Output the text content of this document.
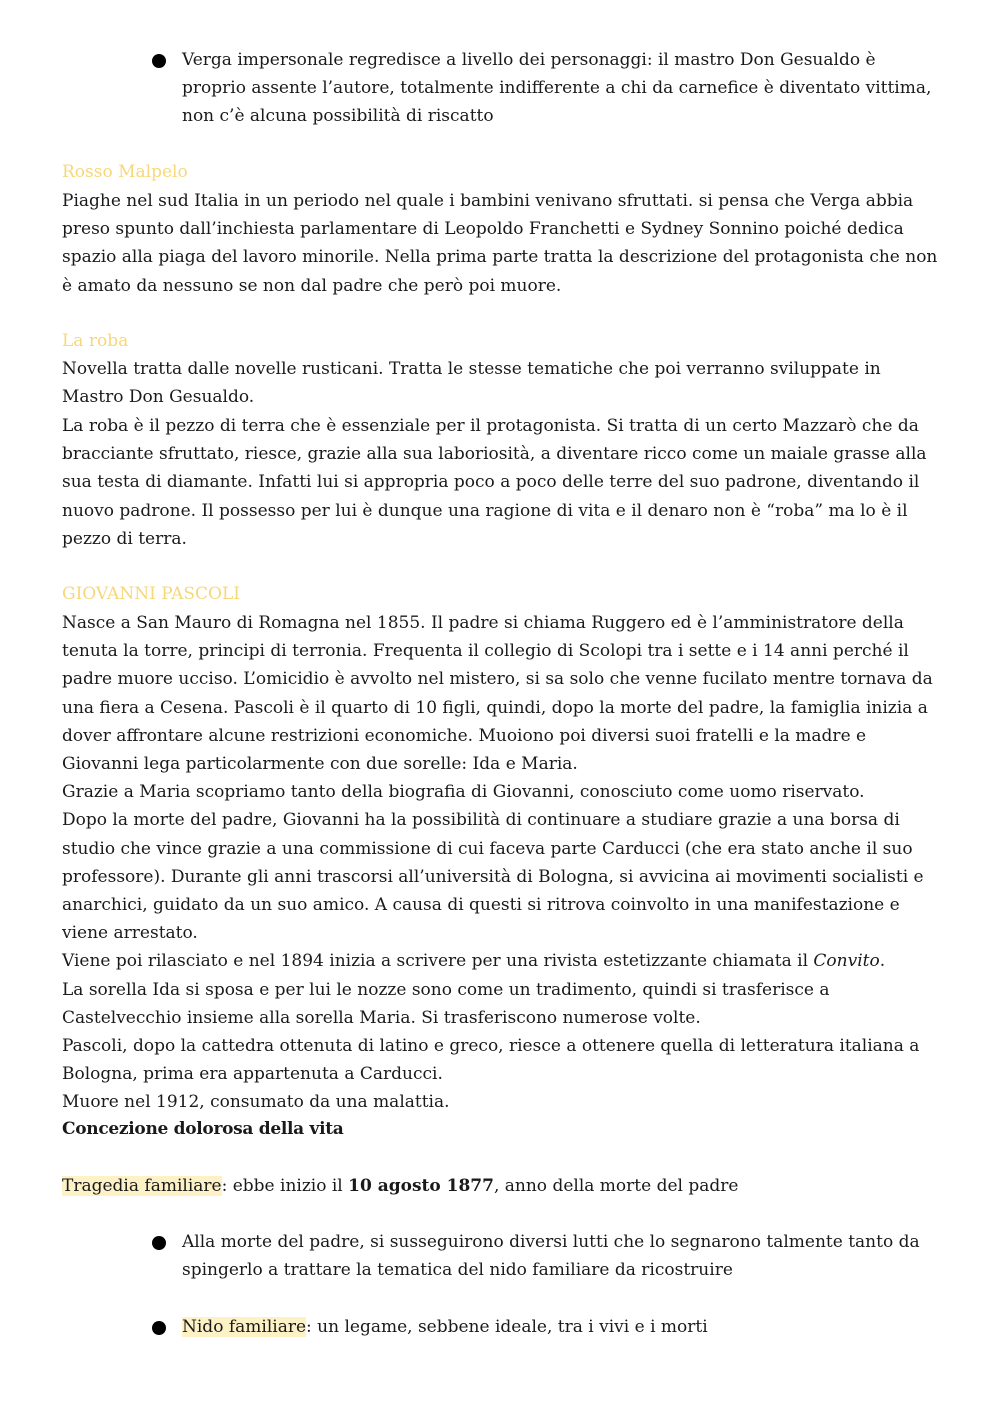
Verga impersonale regredisce a livello dei personaggi: il mastro Don Gesualdo è proprio assente l’autore, totalmente indifferente a chi da carnefice è diventato vittima, non c’è alcuna possibilità di riscatto

Rosso Malpelo

Piaghe nel sud Italia in un periodo nel quale i bambini venivano sfruttati. si pensa che Verga abbia preso spunto dall’inchiesta parlamentare di Leopoldo Franchetti e Sydney Sonnino poiché dedica spazio alla piaga del lavoro minorile. Nella prima parte tratta la descrizione del protagonista che non è amato da nessuno se non dal padre che però poi muore.

La roba

Novella tratta dalle novelle rusticani. Tratta le stesse tematiche che poi verranno sviluppate in Mastro Don Gesualdo.

La roba è il pezzo di terra che è essenziale per il protagonista. Si tratta di un certo Mazzarò che da bracciante sfruttato, riesce, grazie alla sua laboriosità, a diventare ricco come un maiale grasse alla sua testa di diamante. Infatti lui si appropria poco a poco delle terre del suo padrone, diventando il nuovo padrone. Il possesso per lui è dunque una ragione di vita e il denaro non è “roba” ma lo è il pezzo di terra.

GIOVANNI PASCOLI

Nasce a San Mauro di Romagna nel 1855. Il padre si chiama Ruggero ed è l’amministratore della tenuta la torre, principi di terronia. Frequenta il collegio di Scolopi tra i sette e i 14 anni perché il padre muore ucciso. L’omicidio è avvolto nel mistero, si sa solo che venne fucilato mentre tornava da una fiera a Cesena. Pascoli è il quarto di 10 figli, quindi, dopo la morte del padre, la famiglia inizia a dover affrontare alcune restrizioni economiche. Muoiono poi diversi suoi fratelli e la madre e Giovanni lega particolarmente con due sorelle: Ida e Maria.
Grazie a Maria scopriamo tanto della biografia di Giovanni, conosciuto come uomo riservato.
Dopo la morte del padre, Giovanni ha la possibilità di continuare a studiare grazie a una borsa di studio che vince grazie a una commissione di cui faceva parte Carducci (che era stato anche il suo professore). Durante gli anni trascorsi all’università di Bologna, si avvicina ai movimenti socialisti e anarchici, guidato da un suo amico. A causa di questi si ritrova coinvolto in una manifestazione e viene arrestato.
Viene poi rilasciato e nel 1894 inizia a scrivere per una rivista estetizzante chiamata il Convito.
La sorella Ida si sposa e per lui le nozze sono come un tradimento, quindi si trasferisce a Castelvecchio insieme alla sorella Maria. Si trasferiscono numerose volte.
Pascoli, dopo la cattedra ottenuta di latino e greco, riesce a ottenere quella di letteratura italiana a Bologna, prima era appartenuta a Carducci.
Muore nel 1912, consumato da una malattia.

Concezione dolorosa della vita

Tragedia familiare: ebbe inizio il 10 agosto 1877, anno della morte del padre

Alla morte del padre, si susseguirono diversi lutti che lo segnarono talmente tanto da spingerlo a trattare la tematica del nido familiare da ricostruire
Nido familiare: un legame, sebbene ideale, tra i vivi e i morti
